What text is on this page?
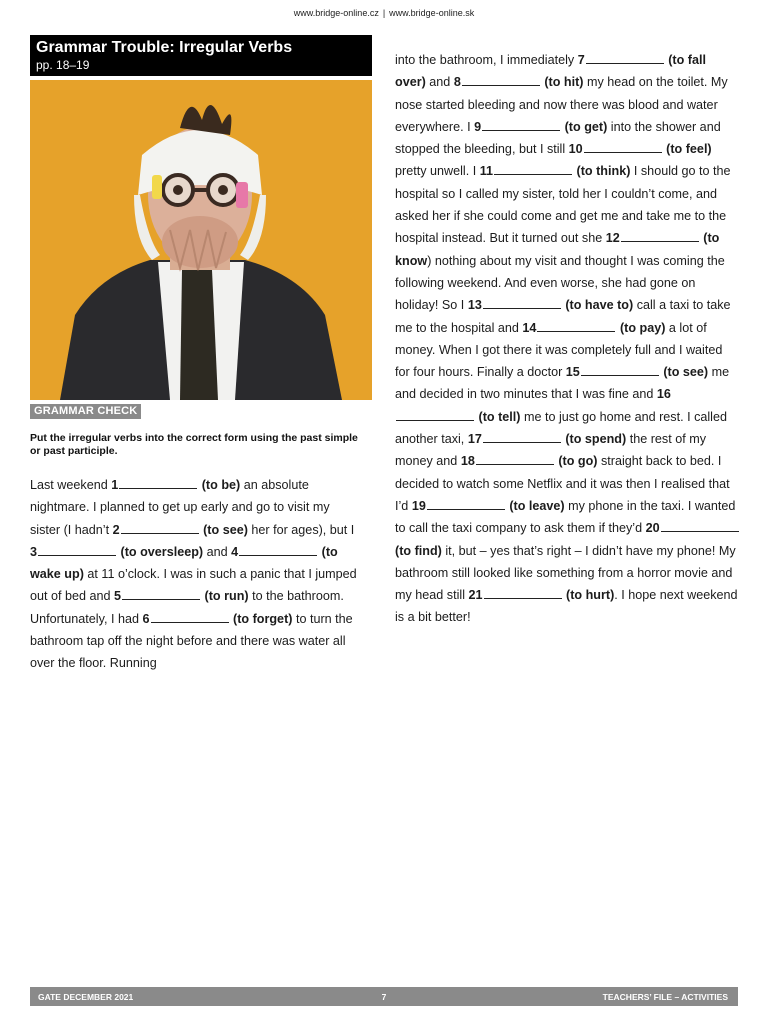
www.bridge-online.cz | www.bridge-online.sk
Grammar Trouble: Irregular Verbs
pp. 18–19
GRAMMAR CHECK
Put the irregular verbs into the correct form using the past simple or past participle.
Last weekend 1	(to be) an absolute nightmare. I planned to get up early and go to visit my sister (I hadn’t 2	(to see) her for ages), but I 3	(to oversleep) and 4	(to wake up) at 11 o’clock. I was in such a panic that I jumped out of bed and 5	(to run) to the bathroom. Unfortunately, I had 6	(to forget) to turn the bathroom tap off the night before and there was water all over the floor. Running
into the bathroom, I immediately 7	(to fall over) and 8	(to hit) my head on the toilet. My nose started bleeding and now there was blood and water everywhere. I 9	(to get) into the shower and stopped the bleeding, but I still 10	(to feel) pretty unwell. I 11	(to think) I should go to the hospital so I called my sister, told her I couldn’t come, and asked her if she could come and get me and take me to the hospital instead. But it turned out she 12	(to know) nothing about my visit and thought I was coming the following weekend. And even worse, she had gone on holiday! So I 13	(to have to) call a taxi to take me to the hospital and 14	(to pay) a lot of money. When I got there it was completely full and I waited for four hours. Finally a doctor 15	(to see) me and decided in two minutes that I was fine and 16 (to tell) me to just go home and rest. I called another taxi, 17	(to spend) the rest of my money and 18	(to go) straight back to bed. I decided to watch some Netflix and it was then I realised that I’d 19	(to leave) my phone in the taxi. I wanted to call the taxi company to ask them if they’d 20 (to find) it, but – yes that’s right – I didn’t have my phone! My bathroom still looked like something from a horror movie and my head still 21	(to hurt). I hope next weekend is a bit better!
GATE DECEMBER 2021	7	TEACHERS’ FILE – ACTIVITIES
